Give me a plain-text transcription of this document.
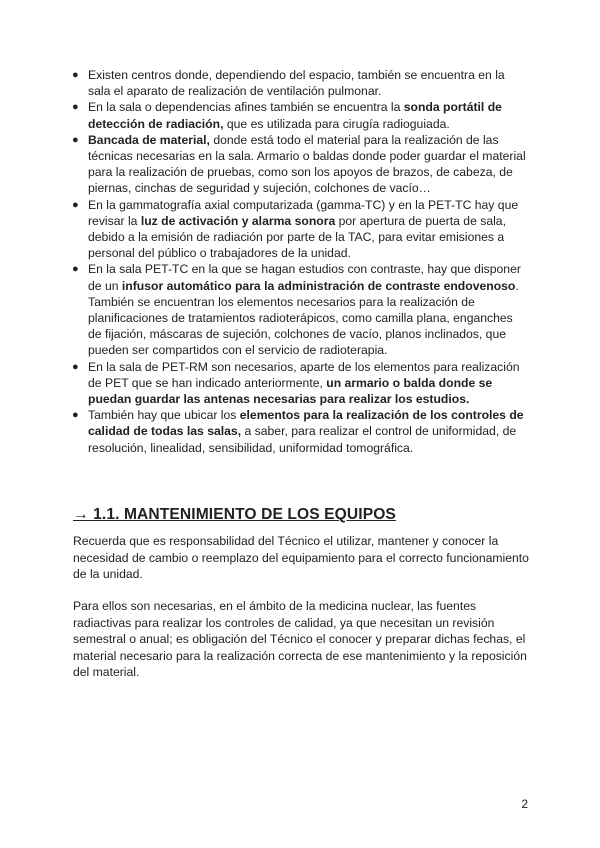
● Existen centros donde, dependiendo del espacio, también se encuentra en la sala el aparato de realización de ventilación pulmonar.
● En la sala o dependencias afines también se encuentra la sonda portátil de detección de radiación, que es utilizada para cirugía radioguiada.
● Bancada de material, donde está todo el material para la realización de las técnicas necesarias en la sala. Armario o baldas donde poder guardar el material para la realización de pruebas, como son los apoyos de brazos, de cabeza, de piernas, cinchas de seguridad y sujeción, colchones de vacío…
● En la gammatografía axial computarizada (gamma-TC) y en la PET-TC hay que revisar la luz de activación y alarma sonora por apertura de puerta de sala, debido a la emisión de radiación por parte de la TAC, para evitar emisiones a personal del público o trabajadores de la unidad.
● En la sala PET-TC en la que se hagan estudios con contraste, hay que disponer de un infusor automático para la administración de contraste endovenoso. También se encuentran los elementos necesarios para la realización de planificaciones de tratamientos radioterápicos, como camilla plana, enganches de fijación, máscaras de sujeción, colchones de vacío, planos inclinados, que pueden ser compartidos con el servicio de radioterapia.
● En la sala de PET-RM son necesarios, aparte de los elementos para realización de PET que se han indicado anteriormente, un armario o balda donde se puedan guardar las antenas necesarias para realizar los estudios.
● También hay que ubicar los elementos para la realización de los controles de calidad de todas las salas, a saber, para realizar el control de uniformidad, de resolución, linealidad, sensibilidad, uniformidad tomográfica.
→ 1.1. MANTENIMIENTO DE LOS EQUIPOS

Recuerda que es responsabilidad del Técnico el utilizar, mantener y conocer la necesidad de cambio o reemplazo del equipamiento para el correcto funcionamiento de la unidad.

Para ellos son necesarias, en el ámbito de la medicina nuclear, las fuentes radiactivas para realizar los controles de calidad, ya que necesitan un revisión semestral o anual; es obligación del Técnico el conocer y preparar dichas fechas, el material necesario para la realización correcta de ese mantenimiento y la reposición del material.

2
